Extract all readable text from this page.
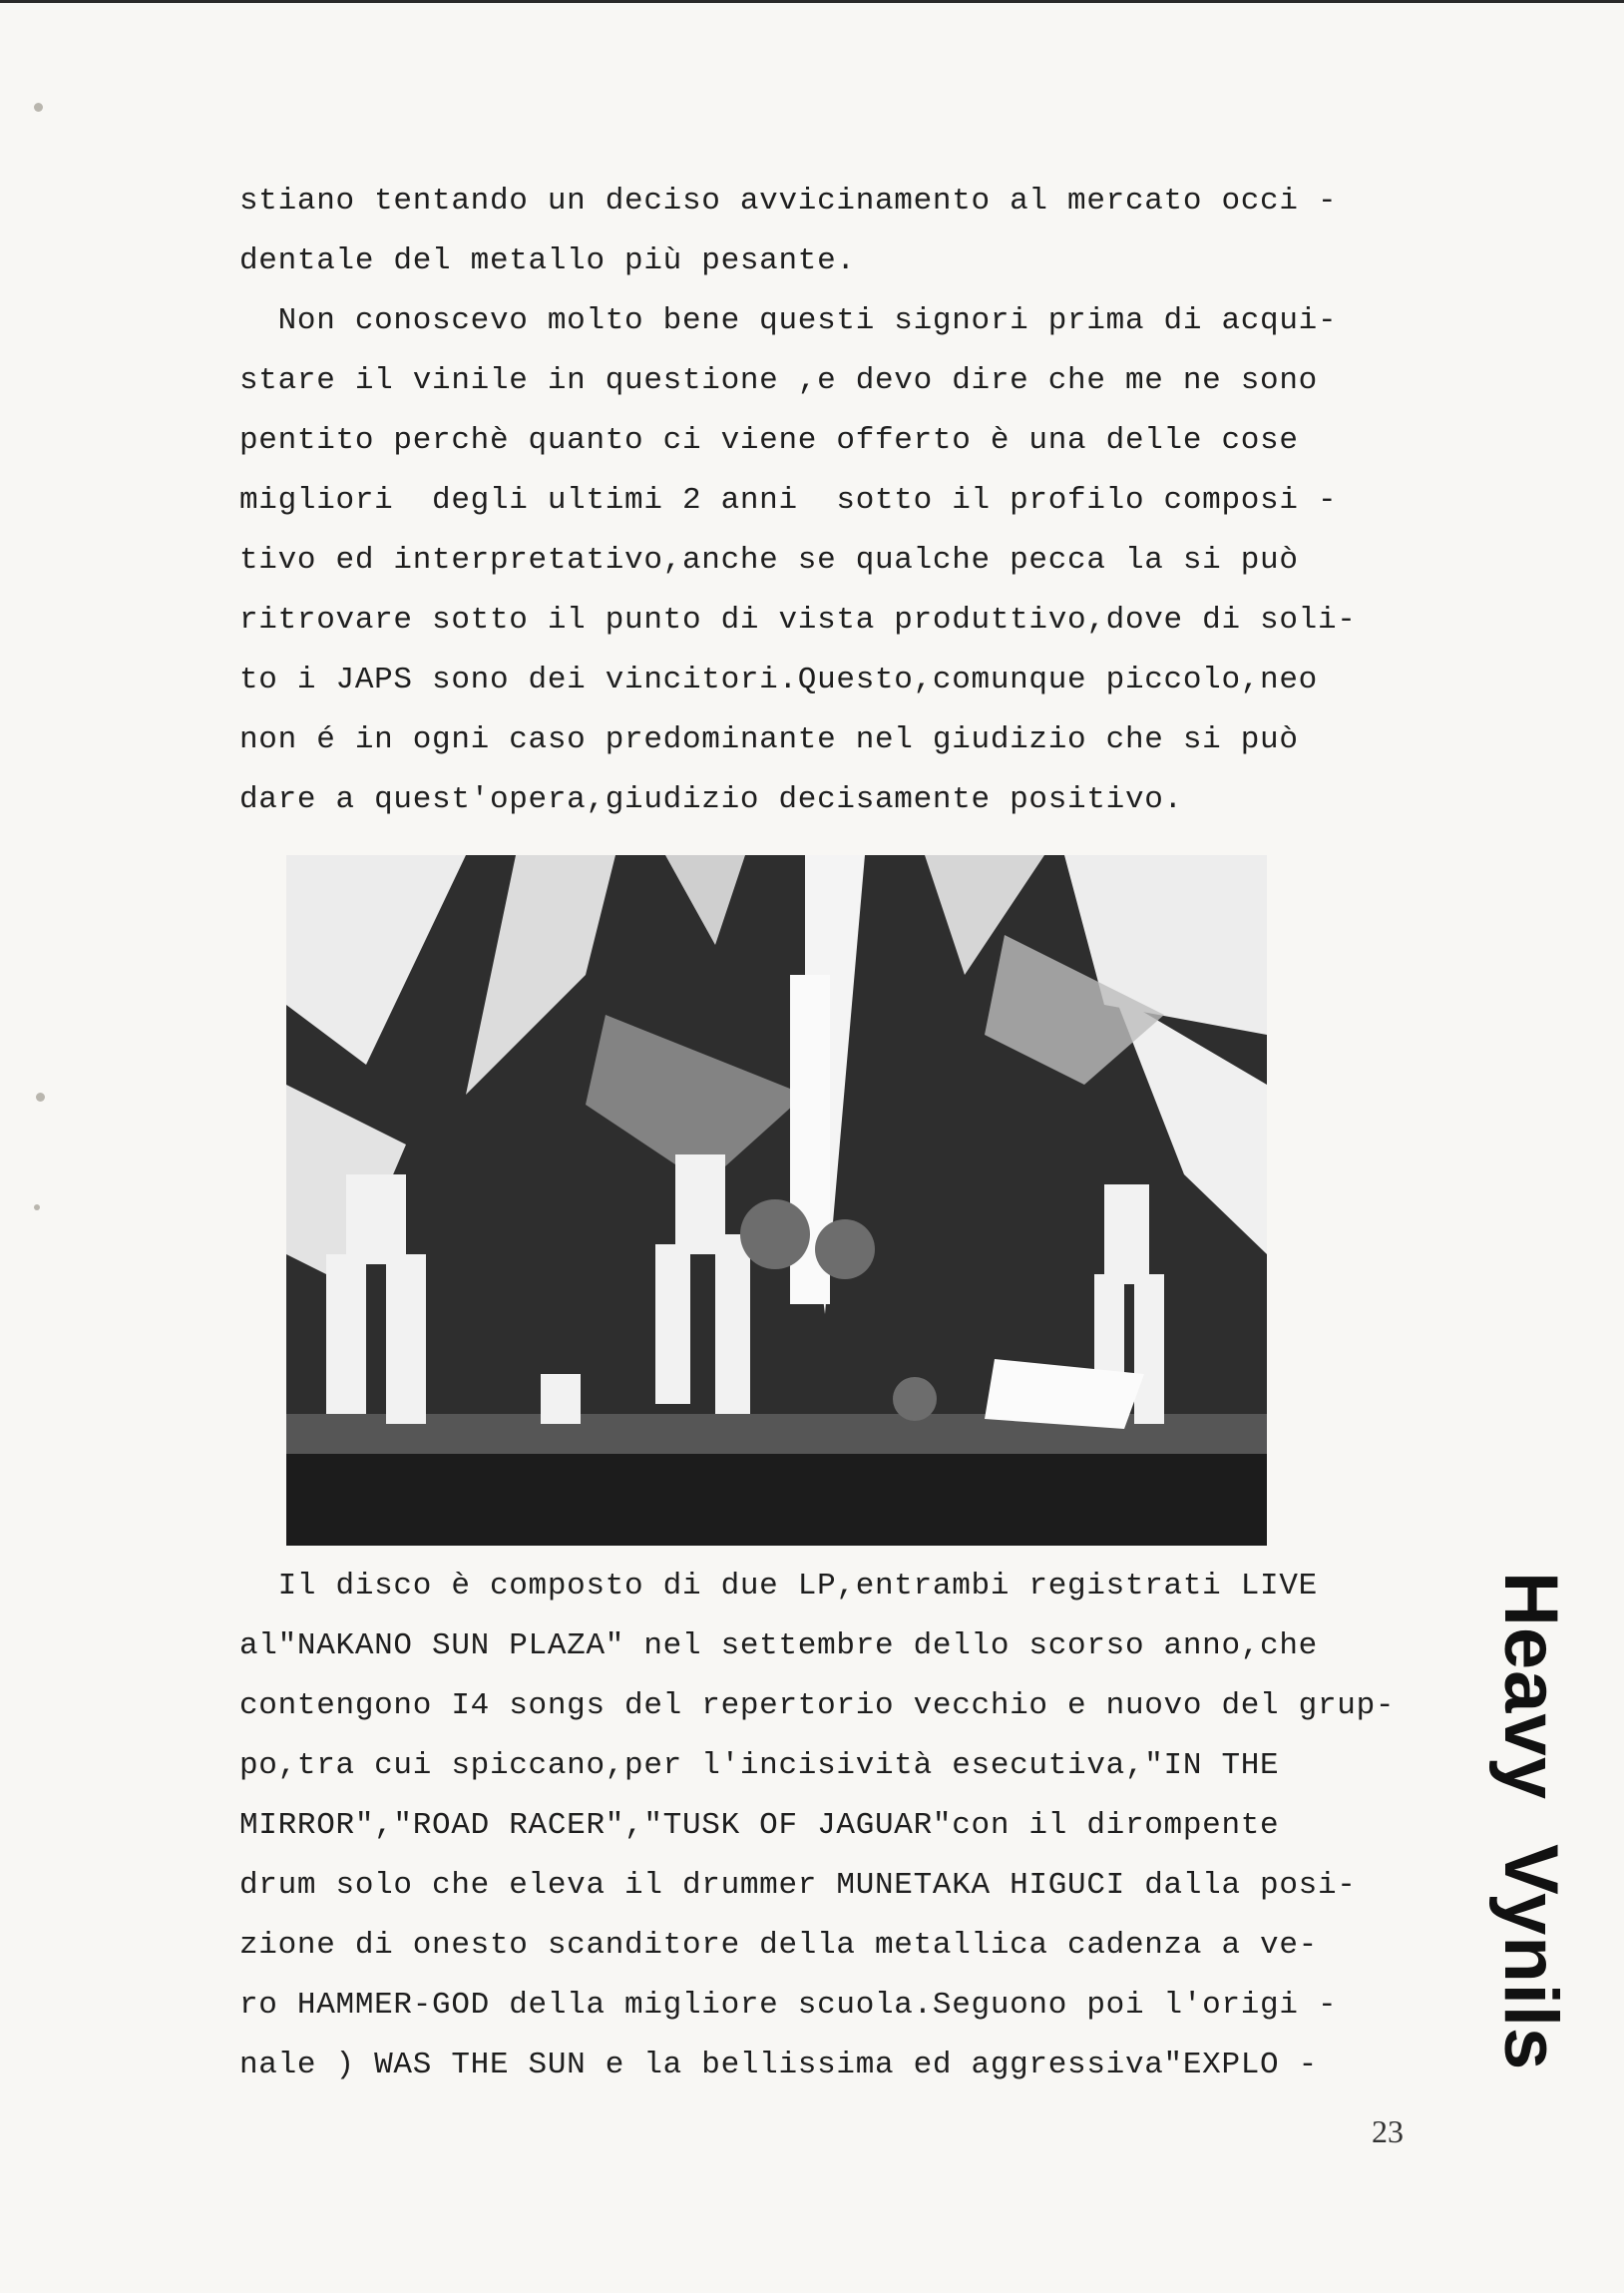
stiano tentando un deciso avvicinamento al mercato occi -
dentale del metallo più pesante.
Non conoscevo molto bene questi signori prima di acqui-
stare il vinile in questione ,e devo dire che me ne sono
pentito perchè quanto ci viene offerto è una delle cose
migliori  degli ultimi 2 anni  sotto il profilo composi -
tivo ed interpretativo,anche se qualche pecca la si può
ritrovare sotto il punto di vista produttivo,dove di soli-
to i JAPS sono dei vincitori.Questo,comunque piccolo,neo
non é in ogni caso predominante nel giudizio che si può
dare a quest'opera,giudizio decisamente positivo.
Il disco è composto di due LP,entrambi registrati LIVE
al"NAKANO SUN PLAZA" nel settembre dello scorso anno,che
contengono I4 songs del repertorio vecchio e nuovo del grup-
po,tra cui spiccano,per l'incisività esecutiva,"IN THE
MIRROR","ROAD RACER","TUSK OF JAGUAR"con il dirompente
drum solo che eleva il drummer MUNETAKA HIGUCI dalla posi-
zione di onesto scanditore della metallica cadenza a ve-
ro HAMMER-GOD della migliore scuola.Seguono poi l'origi -
nale ) WAS THE SUN e la bellissima ed aggressiva"EXPLO -	Heavy  Vynils
23
